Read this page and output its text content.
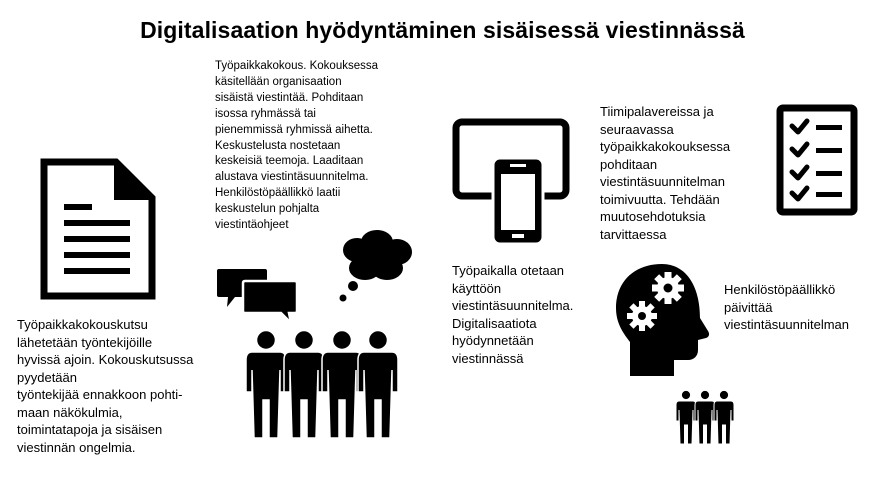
Digitalisaation hyödyntäminen sisäisessä viestinnässä
Työpaikkakokouskutsu
lähetetään työntekijöille
hyvissä ajoin. Kokouskutsussa
pyydetään
työntekijää ennakkoon pohti-
maan näkökulmia,
toimintatapoja ja sisäisen
viestinnän ongelmia.
Työpaikkakokous. Kokouksessa
käsitellään organisaation
sisäistä viestintää. Pohditaan
isossa ryhmässä tai
pienemmissä ryhmissä aihetta.
Keskustelusta nostetaan
keskeisiä teemoja. Laaditaan
alustava viestintäsuunnitelma.
Henkilöstöpäällikkö laatii
keskustelun pohjalta
viestintäohjeet
Työpaikalla otetaan
käyttöön
viestintäsuunnitelma.
Digitalisaatiota
hyödynnetään
viestinnässä
Tiimipalavereissa ja
seuraavassa
työpaikkakokouksessa
pohditaan
viestintäsuunnitelman
toimivuutta. Tehdään
muutosehdotuksia
tarvittaessa
Henkilöstöpäällikkö
päivittää
viestintäsuunnitelman
